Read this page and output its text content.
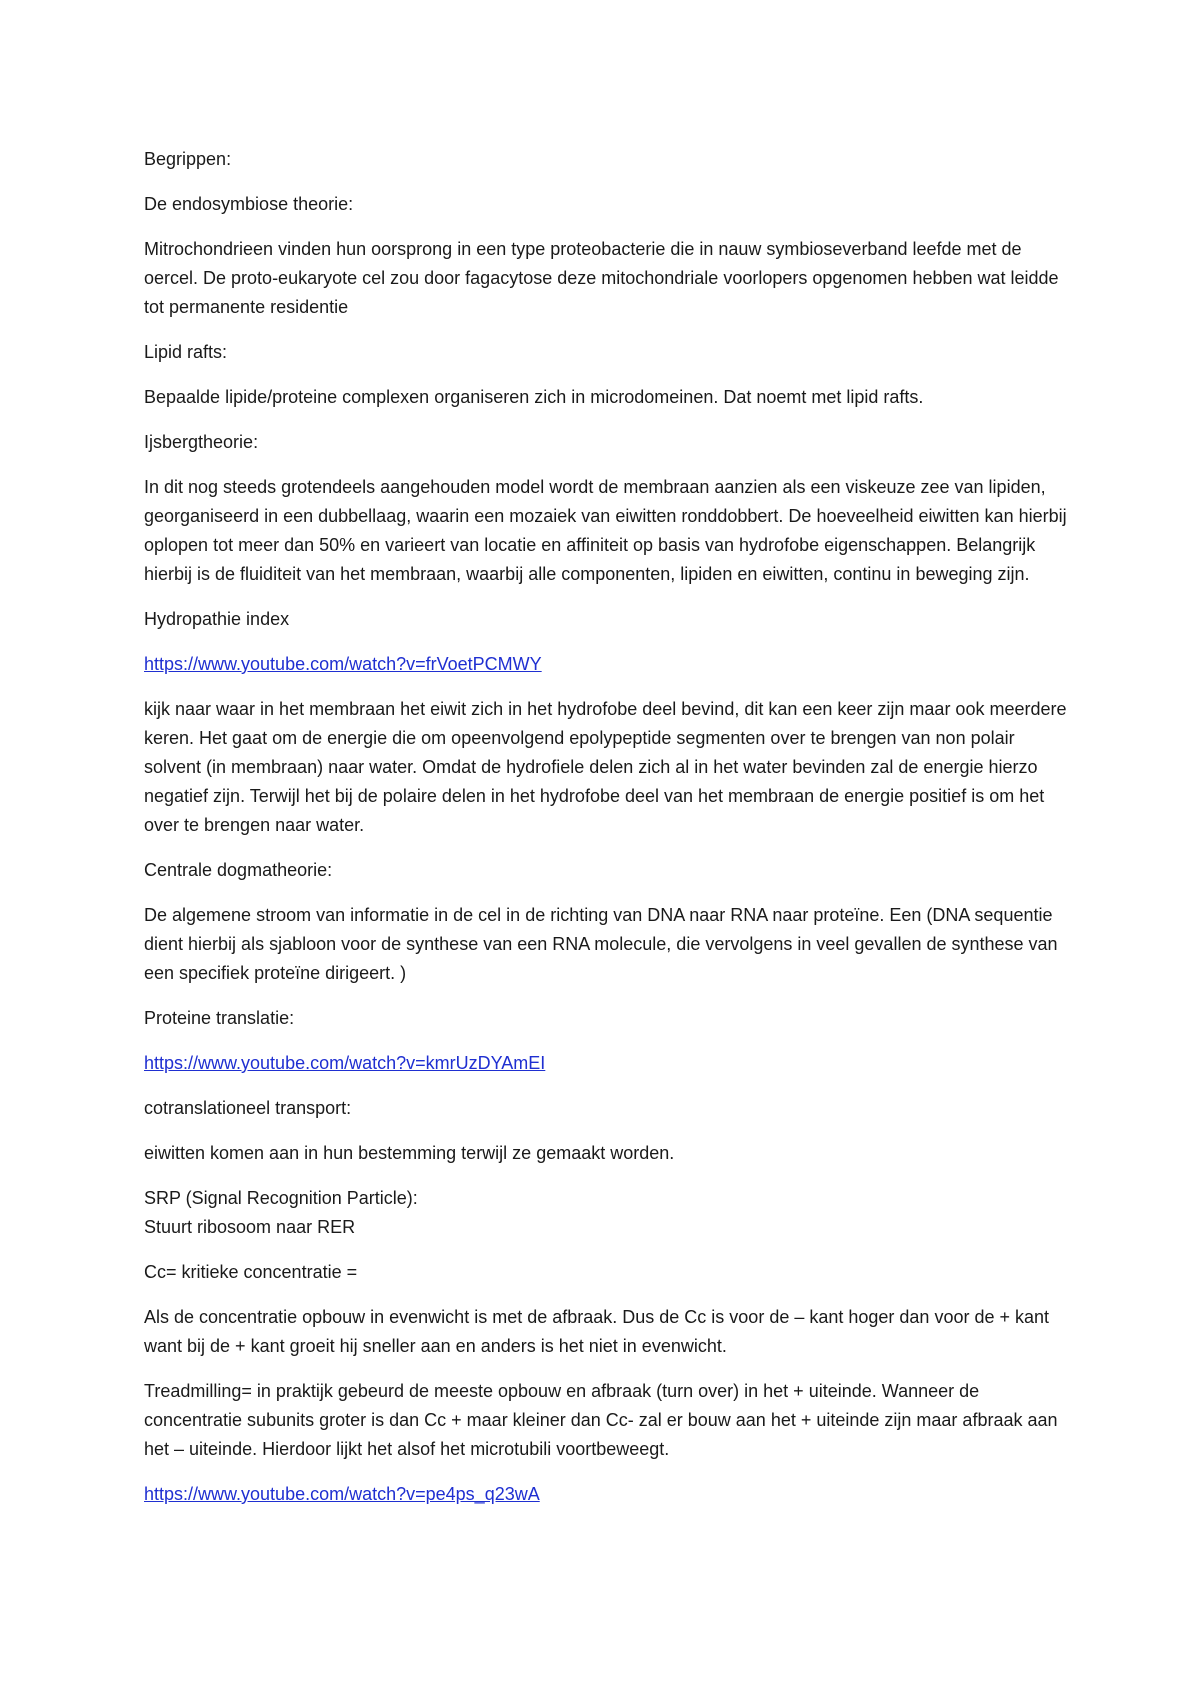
Begrippen:

De endosymbiose theorie:

Mitrochondrieen vinden hun oorsprong in een type proteobacterie die in nauw symbioseverband leefde met de oercel. De proto-eukaryote cel zou door fagacytose deze mitochondriale voorlopers opgenomen hebben wat leidde tot permanente residentie

Lipid rafts:

Bepaalde lipide/proteine complexen organiseren zich in microdomeinen. Dat noemt met lipid rafts.

Ijsbergtheorie:

In dit nog steeds grotendeels aangehouden model wordt de membraan aanzien als een viskeuze zee van lipiden, georganiseerd in een dubbellaag, waarin een mozaiek van eiwitten ronddobbert. De hoeveelheid eiwitten kan hierbij oplopen tot meer dan 50% en varieert van locatie en affiniteit op basis van hydrofobe eigenschappen. Belangrijk hierbij is de fluiditeit van het membraan, waarbij alle componenten, lipiden en eiwitten, continu in beweging zijn.

Hydropathie index

https://www.youtube.com/watch?v=frVoetPCMWY

kijk naar waar in het membraan het eiwit zich in het hydrofobe deel bevind, dit kan een keer zijn maar ook meerdere keren. Het gaat om de energie die om opeenvolgend epolypeptide segmenten over te brengen van non polair solvent (in membraan) naar water. Omdat de hydrofiele delen zich al in het water bevinden zal de energie hierzo negatief zijn. Terwijl het bij de polaire delen in het hydrofobe deel van het membraan de energie positief is om het over te brengen naar water.

Centrale dogmatheorie:

De algemene stroom van informatie in de cel in de richting van DNA naar RNA naar proteïne. Een (DNA sequentie dient hierbij als sjabloon voor de synthese van een RNA molecule, die vervolgens in veel gevallen de synthese van een specifiek proteïne dirigeert. )

Proteine translatie:

https://www.youtube.com/watch?v=kmrUzDYAmEI

cotranslationeel transport:

eiwitten komen aan in hun bestemming terwijl ze gemaakt worden.

SRP (Signal Recognition Particle):

Stuurt ribosoom naar RER

Cc= kritieke concentratie =

Als de concentratie opbouw in evenwicht is met de afbraak. Dus de Cc is voor de – kant hoger dan voor de + kant want bij de + kant groeit hij sneller aan en anders is het niet in evenwicht.

Treadmilling= in praktijk gebeurd de meeste opbouw en afbraak (turn over) in het + uiteinde. Wanneer de concentratie subunits groter is dan Cc + maar kleiner dan Cc- zal er bouw aan het + uiteinde zijn maar afbraak aan het – uiteinde. Hierdoor lijkt het alsof het microtubili voortbeweegt.

https://www.youtube.com/watch?v=pe4ps_q23wA
